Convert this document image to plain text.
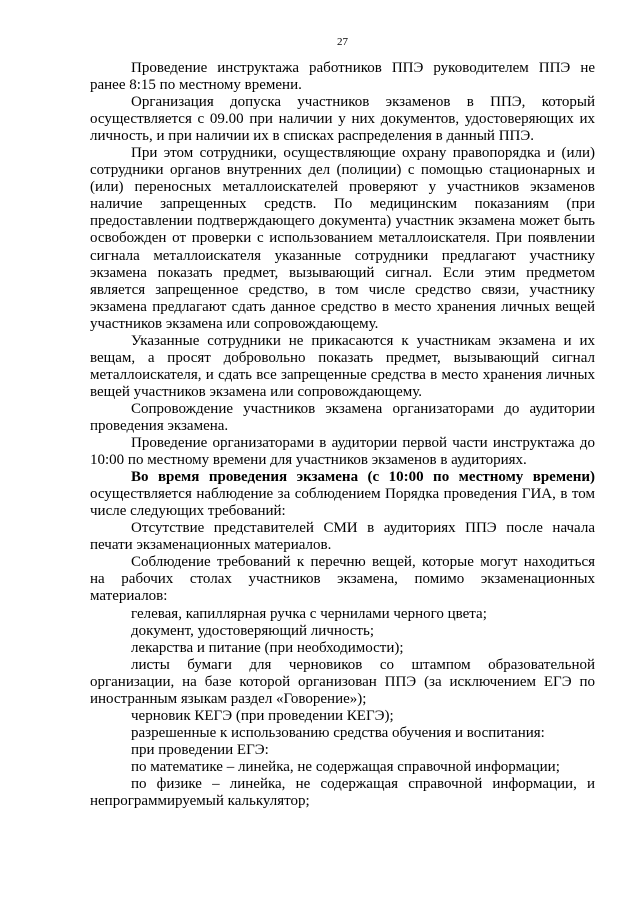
27

Проведение инструктажа работников ППЭ руководителем ППЭ не ранее 8:15 по местному времени.

Организация допуска участников экзаменов в ППЭ, который осуществляется с 09.00 при наличии у них документов, удостоверяющих их личность, и при наличии их в списках распределения в данный ППЭ.

При этом сотрудники, осуществляющие охрану правопорядка и (или) сотрудники органов внутренних дел (полиции) с помощью стационарных и (или) переносных металлоискателей проверяют у участников экзаменов наличие запрещенных средств. По медицинским показаниям (при предоставлении подтверждающего документа) участник экзамена может быть освобожден от проверки с использованием металлоискателя. При появлении сигнала металлоискателя указанные сотрудники предлагают участнику экзамена показать предмет, вызывающий сигнал. Если этим предметом является запрещенное средство, в том числе средство связи, участнику экзамена предлагают сдать данное средство в место хранения личных вещей участников экзамена или сопровождающему.

Указанные сотрудники не прикасаются к участникам экзамена и их вещам, а просят добровольно показать предмет, вызывающий сигнал металлоискателя, и сдать все запрещенные средства в место хранения личных вещей участников экзамена или сопровождающему.

Сопровождение участников экзамена организаторами до аудитории проведения экзамена.

Проведение организаторами в аудитории первой части инструктажа до 10:00 по местному времени для участников экзаменов в аудиториях.

Во время проведения экзамена (с 10:00 по местному времени) осуществляется наблюдение за соблюдением Порядка проведения ГИА, в том числе следующих требований:

Отсутствие представителей СМИ в аудиториях ППЭ после начала печати экзаменационных материалов.

Соблюдение требований к перечню вещей, которые могут находиться на рабочих столах участников экзамена, помимо экзаменационных материалов:

гелевая, капиллярная ручка с чернилами черного цвета;

документ, удостоверяющий личность;

лекарства и питание (при необходимости);

листы бумаги для черновиков со штампом образовательной организации, на базе которой организован ППЭ (за исключением ЕГЭ по иностранным языкам раздел «Говорение»);

черновик КЕГЭ (при проведении КЕГЭ);

разрешенные к использованию средства обучения и воспитания:

при проведении ЕГЭ:

по математике – линейка, не содержащая справочной информации;

по физике – линейка, не содержащая справочной информации, и непрограммируемый калькулятор;
